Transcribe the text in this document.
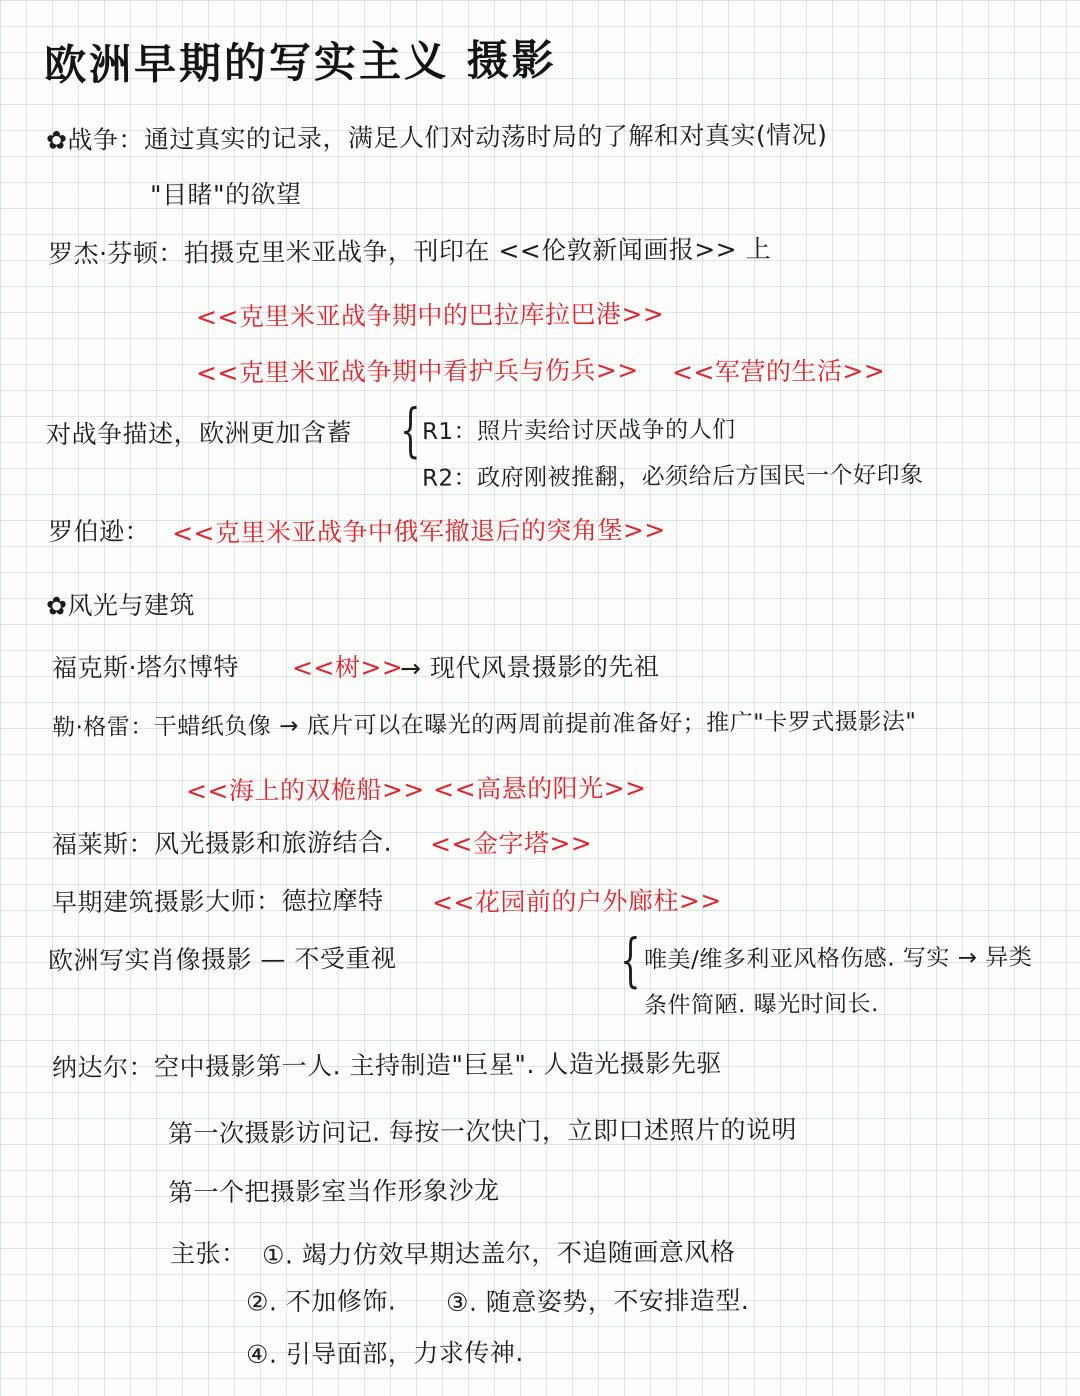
欧洲早期的写实主义 摄影
✿战争：通过真实的记录，满足人们对动荡时局的了解和对真实(情况)
"目睹"的欲望
罗杰·芬顿：拍摄克里米亚战争，刊印在 <<伦敦新闻画报>> 上
<<克里米亚战争期中的巴拉库拉巴港>>
<<克里米亚战争期中看护兵与伤兵>> <<军营的生活>>
对战争描述，欧洲更加含蓄 { R1：照片卖给讨厌战争的人们
R2：政府刚被推翻，必须给后方国民一个好印象
罗伯逊： <<克里米亚战争中俄军撤退后的突角堡>>
✿风光与建筑
福克斯·塔尔博特 <<树>>
→ 现代风景摄影的先祖
勒·格雷：干蜡纸负像 → 底片可以在曝光的两周前提前准备好；推广"卡罗式摄影法"
<<海上的双桅船>> <<高悬的阳光>>
福莱斯：风光摄影和旅游结合. <<金字塔>>
早期建筑摄影大师：德拉摩特 <<花园前的户外廊柱>>
欧洲写实肖像摄影 — 不受重视	{ 唯美/维多利亚风格伤感. 写实 → 异类
条件简陋. 曝光时间长.
纳达尔：空中摄影第一人. 主持制造"巨星". 人造光摄影先驱
第一次摄影访问记. 每按一次快门，立即口述照片的说明
第一个把摄影室当作形象沙龙
主张： ①. 竭力仿效早期达盖尔，不追随画意风格
②. 不加修饰. ③. 随意姿势，不安排造型.
④. 引导面部，力求传神.
